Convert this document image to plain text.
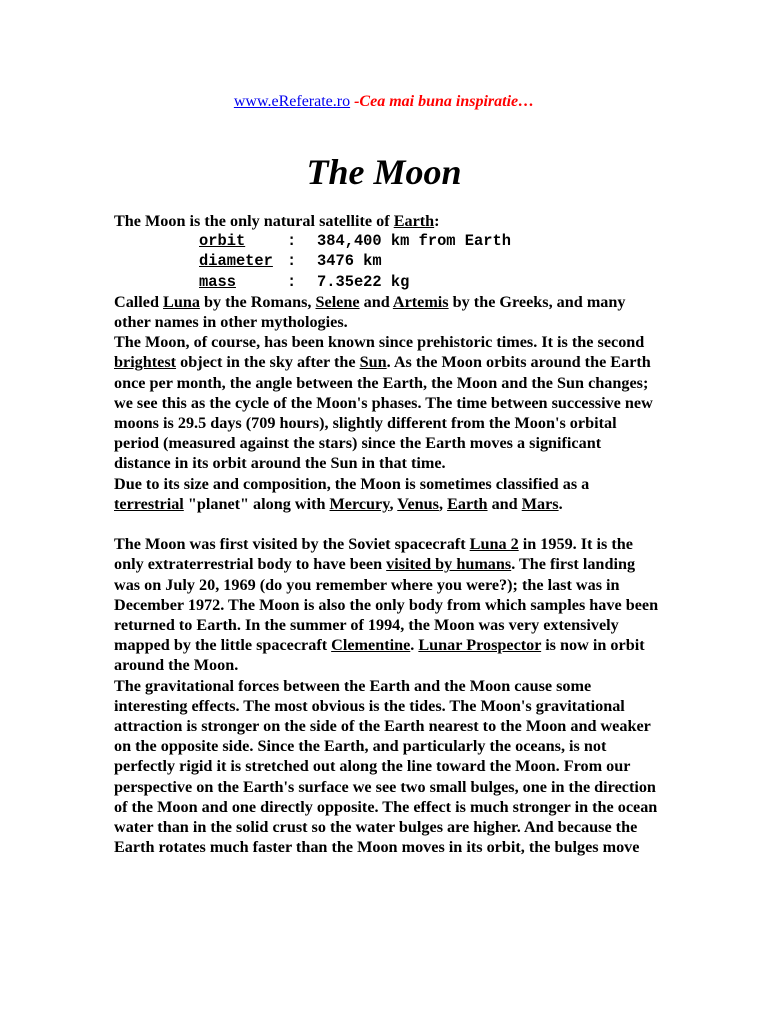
www.eReferate.ro -Cea mai buna inspiratie…
The Moon

The Moon is the only natural satellite of Earth:

orbit	:	384,400 km from Earth
diameter :	3476 km
mass	:	7.35e22 kg

Called Luna by the Romans, Selene and Artemis by the Greeks, and many other names in other mythologies.

The Moon, of course, has been known since prehistoric times. It is the second brightest object in the sky after the Sun. As the Moon orbits around the Earth once per month, the angle between the Earth, the Moon and the Sun changes; we see this as the cycle of the Moon's phases. The time between successive new moons is 29.5 days (709 hours), slightly different from the Moon's orbital period (measured against the stars) since the Earth moves a significant distance in its orbit around the Sun in that time.

Due to its size and composition, the Moon is sometimes classified as a terrestrial "planet" along with Mercury, Venus, Earth and Mars.

The Moon was first visited by the Soviet spacecraft Luna 2 in 1959. It is the only extraterrestrial body to have been visited by humans. The first landing was on July 20, 1969 (do you remember where you were?); the last was in December 1972. The Moon is also the only body from which samples have been returned to Earth. In the summer of 1994, the Moon was very extensively mapped by the little spacecraft Clementine. Lunar Prospector is now in orbit around the Moon.

The gravitational forces between the Earth and the Moon cause some interesting effects. The most obvious is the tides. The Moon's gravitational attraction is stronger on the side of the Earth nearest to the Moon and weaker on the opposite side. Since the Earth, and particularly the oceans, is not perfectly rigid it is stretched out along the line toward the Moon. From our perspective on the Earth's surface we see two small bulges, one in the direction of the Moon and one directly opposite. The effect is much stronger in the ocean water than in the solid crust so the water bulges are higher. And because the Earth rotates much faster than the Moon moves in its orbit, the bulges move
